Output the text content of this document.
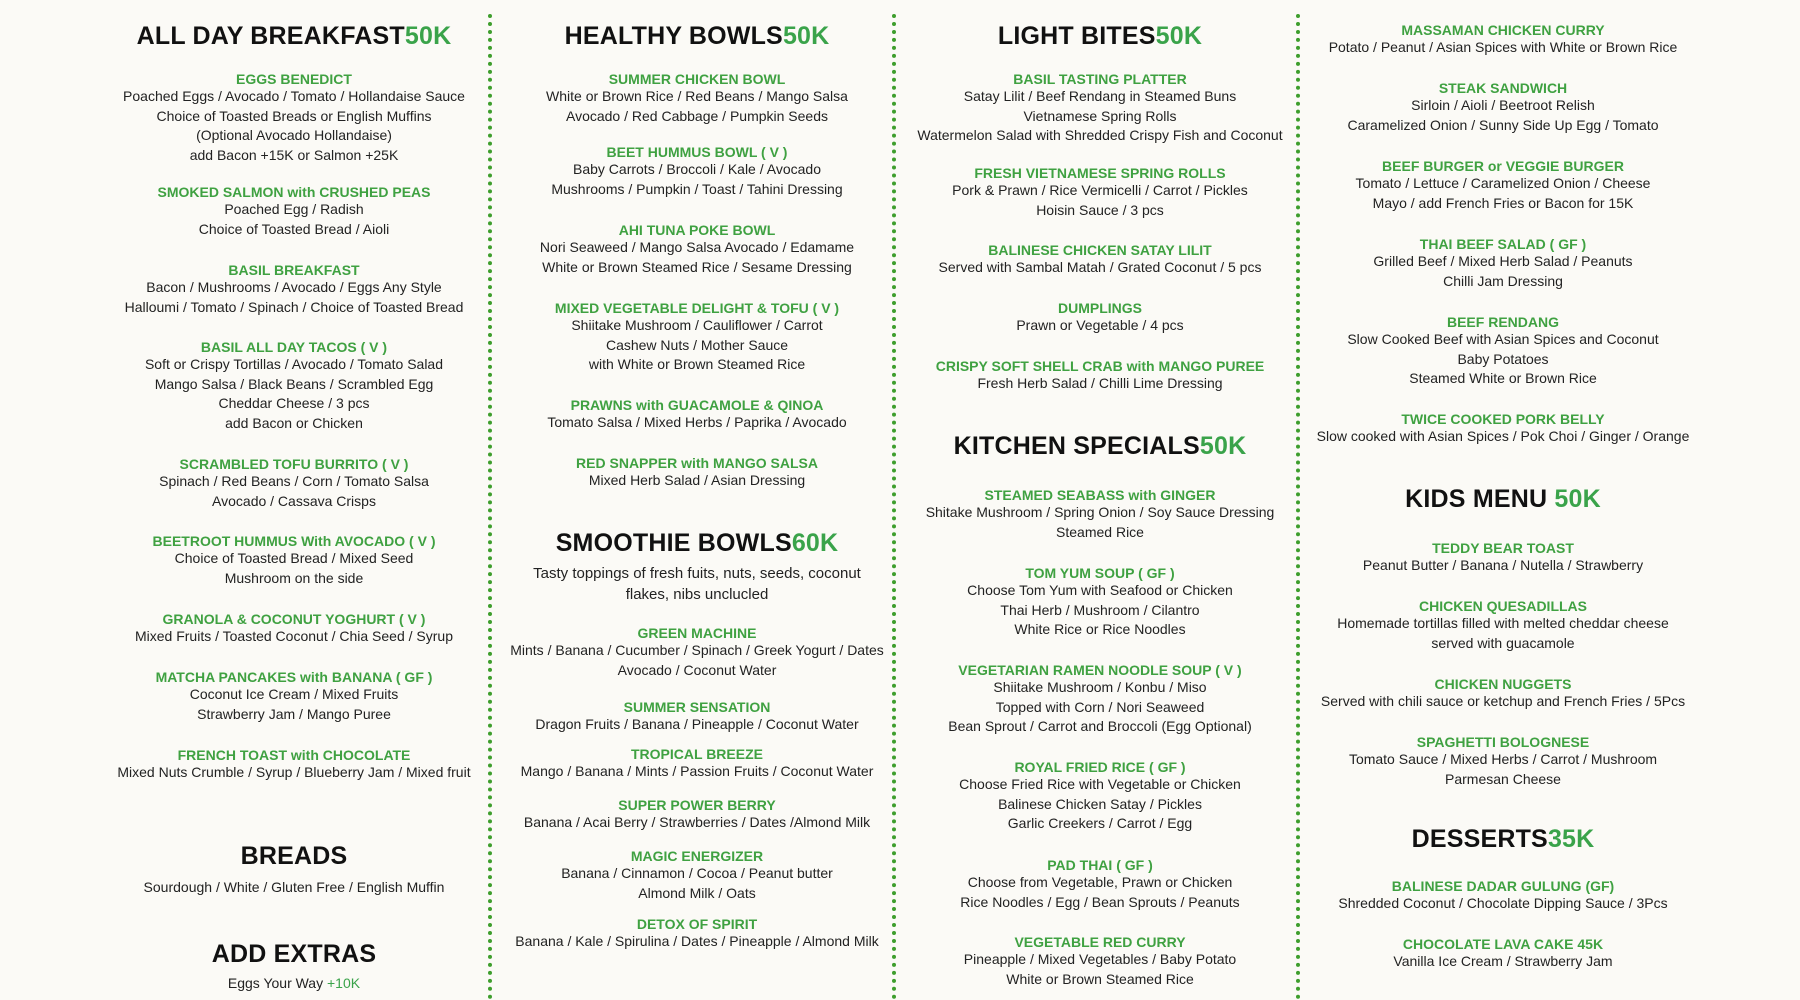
ALL DAY BREAKFAST50K
EGGS BENEDICT
Poached Eggs / Avocado / Tomato / Hollandaise Sauce
Choice of Toasted Breads or English Muffins
(Optional Avocado Hollandaise)
add Bacon +15K or Salmon +25K
SMOKED SALMON with CRUSHED PEAS
Poached Egg / Radish
Choice of Toasted Bread / Aioli
BASIL BREAKFAST
Bacon / Mushrooms / Avocado / Eggs Any Style
Halloumi / Tomato / Spinach / Choice of Toasted Bread
BASIL ALL DAY TACOS ( V )
Soft or Crispy Tortillas / Avocado / Tomato Salad
Mango Salsa / Black Beans / Scrambled Egg
Cheddar Cheese / 3 pcs
add Bacon or Chicken
SCRAMBLED TOFU BURRITO ( V )
Spinach / Red Beans / Corn / Tomato Salsa
Avocado / Cassava Crisps
BEETROOT HUMMUS With AVOCADO ( V )
Choice of Toasted Bread / Mixed Seed
Mushroom on the side
GRANOLA & COCONUT YOGHURT ( V )
Mixed Fruits / Toasted Coconut / Chia Seed / Syrup
MATCHA PANCAKES with BANANA ( GF )
Coconut Ice Cream / Mixed Fruits
Strawberry Jam / Mango Puree
FRENCH TOAST with CHOCOLATE
Mixed Nuts Crumble / Syrup / Blueberry Jam / Mixed fruit
BREADS
Sourdough / White / Gluten Free / English Muffin
ADD EXTRAS
Eggs Your Way +10K
HEALTHY BOWLS50K
SUMMER CHICKEN BOWL
White or Brown Rice / Red Beans / Mango Salsa
Avocado / Red Cabbage / Pumpkin Seeds
BEET HUMMUS BOWL ( V )
Baby Carrots / Broccoli / Kale / Avocado
Mushrooms / Pumpkin / Toast / Tahini Dressing
AHI TUNA POKE BOWL
Nori Seaweed / Mango Salsa Avocado / Edamame
White or Brown Steamed Rice / Sesame Dressing
MIXED VEGETABLE DELIGHT & TOFU ( V )
Shiitake Mushroom / Cauliflower / Carrot
Cashew Nuts / Mother Sauce
with White or Brown Steamed Rice
PRAWNS with GUACAMOLE & QINOA
Tomato Salsa / Mixed Herbs / Paprika / Avocado
RED SNAPPER with MANGO SALSA
Mixed Herb Salad / Asian Dressing
SMOOTHIE BOWLS60K
Tasty toppings of fresh fuits, nuts, seeds, coconut
flakes, nibs unclucled
GREEN MACHINE
Mints / Banana / Cucumber / Spinach / Greek Yogurt / Dates
Avocado / Coconut Water
SUMMER SENSATION
Dragon Fruits / Banana / Pineapple / Coconut Water
TROPICAL BREEZE
Mango / Banana / Mints / Passion Fruits / Coconut Water
SUPER POWER BERRY
Banana / Acai Berry / Strawberries / Dates /Almond Milk
MAGIC ENERGIZER
Banana / Cinnamon / Cocoa / Peanut butter
Almond Milk / Oats
DETOX OF SPIRIT
Banana / Kale / Spirulina / Dates / Pineapple / Almond Milk
LIGHT BITES50K
BASIL TASTING PLATTER
Satay Lilit / Beef Rendang in Steamed Buns
Vietnamese Spring Rolls
Watermelon Salad with Shredded Crispy Fish and Coconut
FRESH VIETNAMESE SPRING ROLLS
Pork & Prawn / Rice Vermicelli / Carrot / Pickles
Hoisin Sauce / 3 pcs
BALINESE CHICKEN SATAY LILIT
Served with Sambal Matah / Grated Coconut / 5 pcs
DUMPLINGS
Prawn or Vegetable / 4 pcs
CRISPY SOFT SHELL CRAB with MANGO PUREE
Fresh Herb Salad / Chilli Lime Dressing
KITCHEN SPECIALS50K
STEAMED SEABASS with GINGER
Shitake Mushroom / Spring Onion / Soy Sauce Dressing
Steamed Rice
TOM YUM SOUP ( GF )
Choose Tom Yum with Seafood or Chicken
Thai Herb / Mushroom / Cilantro
White Rice or Rice Noodles
VEGETARIAN RAMEN NOODLE SOUP ( V )
Shiitake Mushroom / Konbu / Miso
Topped with Corn / Nori Seaweed
Bean Sprout / Carrot and Broccoli (Egg Optional)
ROYAL FRIED RICE ( GF )
Choose Fried Rice with Vegetable or Chicken
Balinese Chicken Satay / Pickles
Garlic Creekers / Carrot / Egg
PAD THAI ( GF )
Choose from Vegetable, Prawn or Chicken
Rice Noodles / Egg / Bean Sprouts / Peanuts
VEGETABLE RED CURRY
Pineapple / Mixed Vegetables / Baby Potato
White or Brown Steamed Rice
MASSAMAN CHICKEN CURRY
Potato / Peanut / Asian Spices with White or Brown Rice
STEAK SANDWICH
Sirloin / Aioli / Beetroot Relish
Caramelized Onion / Sunny Side Up Egg / Tomato
BEEF BURGER or VEGGIE BURGER
Tomato / Lettuce / Caramelized Onion / Cheese
Mayo / add French Fries or Bacon for 15K
THAI BEEF SALAD ( GF )
Grilled Beef / Mixed Herb Salad / Peanuts
Chilli Jam Dressing
BEEF RENDANG
Slow Cooked Beef with Asian Spices and Coconut
Baby Potatoes
Steamed White or Brown Rice
TWICE COOKED PORK BELLY
Slow cooked with Asian Spices / Pok Choi / Ginger / Orange
KIDS MENU 50K
TEDDY BEAR TOAST
Peanut Butter / Banana / Nutella / Strawberry
CHICKEN QUESADILLAS
Homemade tortillas filled with melted cheddar cheese
served with guacamole
CHICKEN NUGGETS
Served with chili sauce or ketchup and French Fries / 5Pcs
SPAGHETTI BOLOGNESE
Tomato Sauce / Mixed Herbs / Carrot / Mushroom
Parmesan Cheese
DESSERTS35K
BALINESE DADAR GULUNG (GF)
Shredded Coconut / Chocolate Dipping Sauce / 3Pcs
CHOCOLATE LAVA CAKE 45K
Vanilla Ice Cream / Strawberry Jam
